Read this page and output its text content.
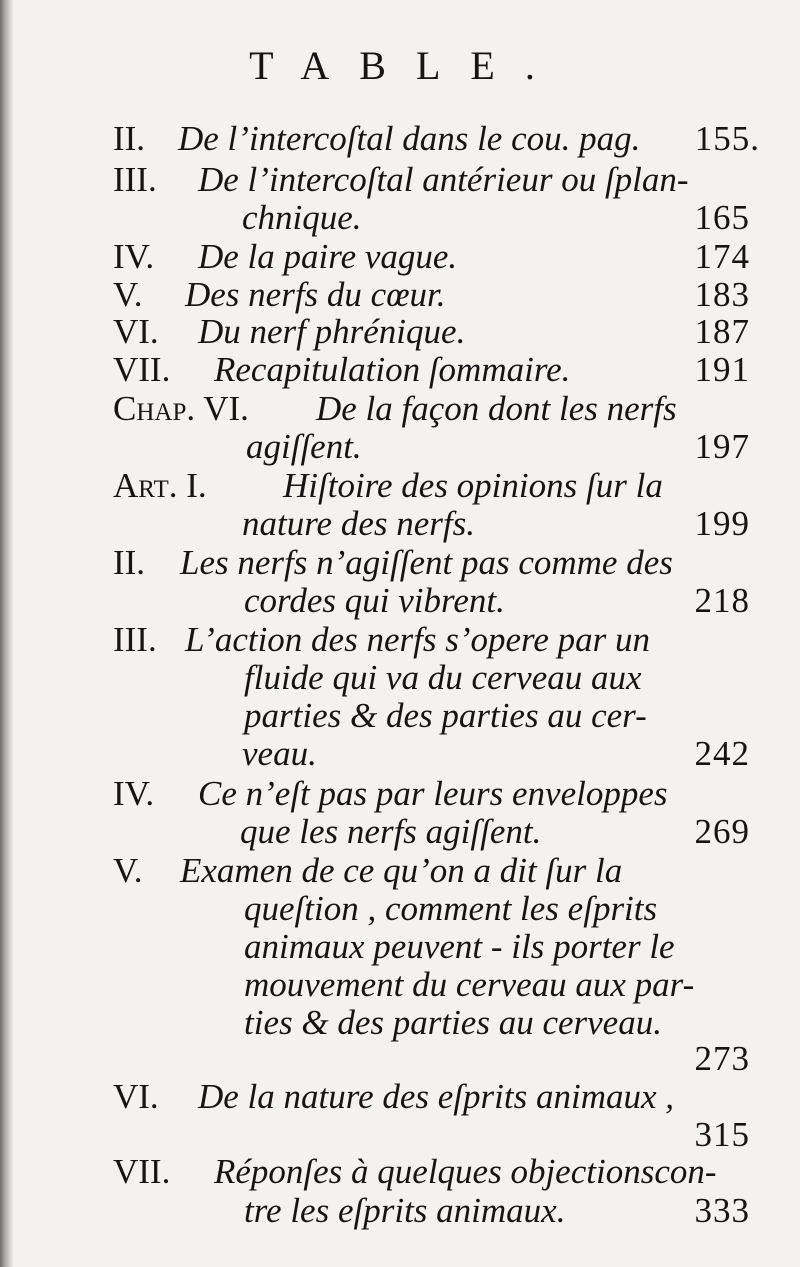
TABLE.
II. De l’intercoſtal dans le cou. pag. 155.
III. De l’intercoſtal antérieur ou ſplan-
chnique.	165
IV. De la paire vague.	174
V. Des nerfs du cœur.	183
VI. Du nerf phrénique.	187
VII. Recapitulation ſommaire.	191
Chap. VI. De la façon dont les nerfs
agiſſent.	197
Art. I. Hiſtoire des opinions ſur la
nature des nerfs.	199
II. Les nerfs n’agiſſent pas comme des
cordes qui vibrent.	218
III. L’action des nerfs s’opere par un
fluide qui va du cerveau aux
parties & des parties au cer-
veau.	242
IV. Ce n’eſt pas par leurs enveloppes
que les nerfs agiſſent.	269
V. Examen de ce qu’on a dit ſur la
queſtion , comment les eſprits
animaux peuvent - ils porter le
mouvement du cerveau aux par-
ties & des parties au cerveau.
273
VI. De la nature des eſprits animaux ,
315
VII. Réponſes à quelques objectionscon-
tre les eſprits animaux.	333
